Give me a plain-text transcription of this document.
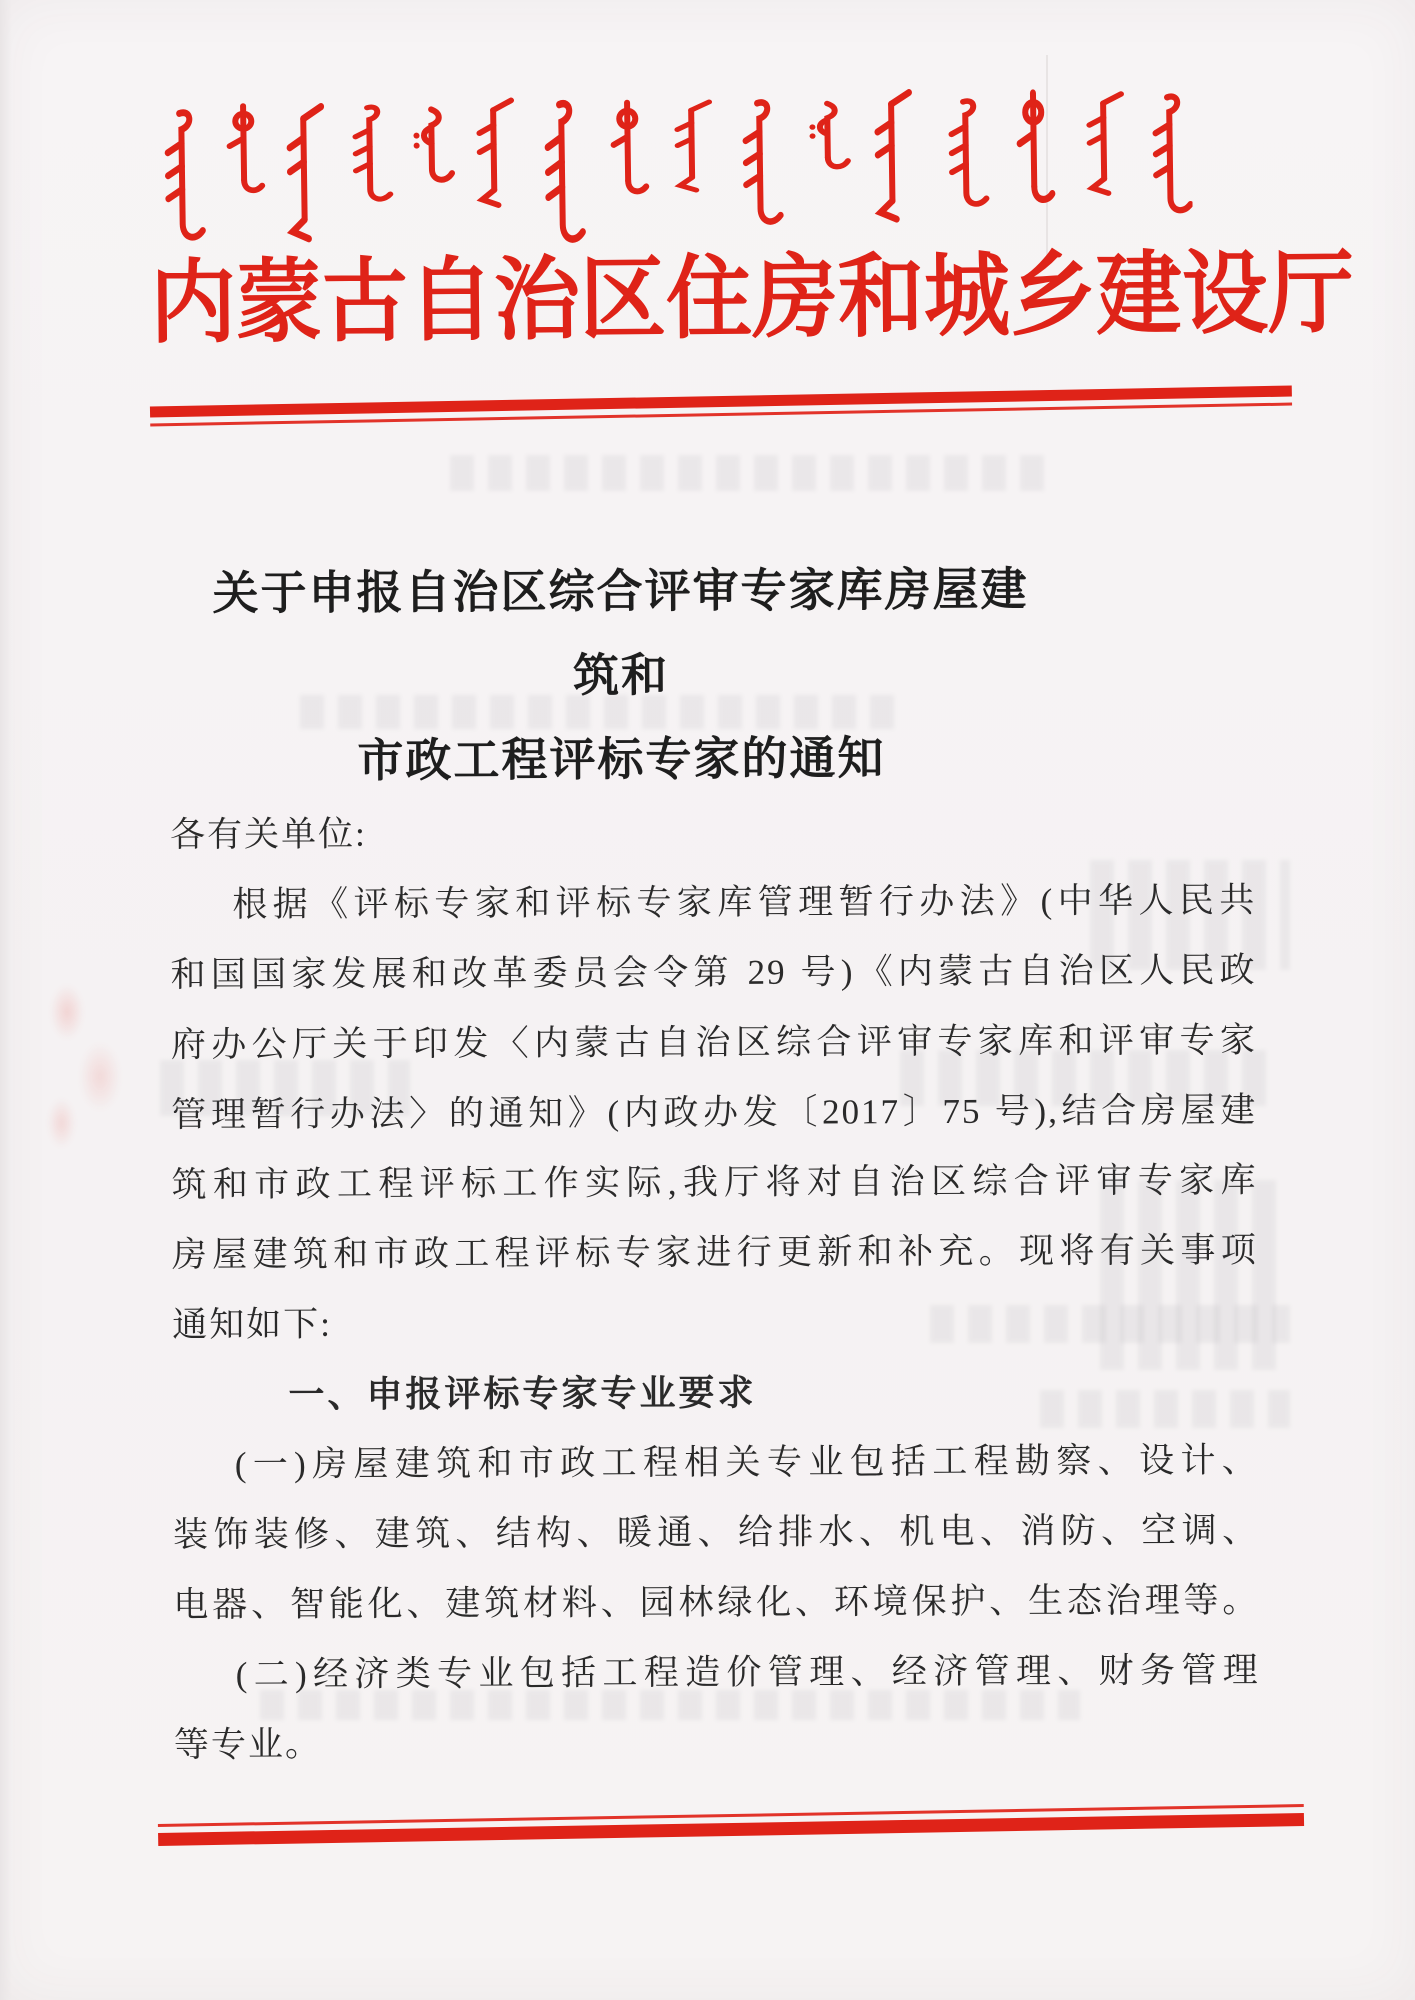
内蒙古自治区住房和城乡建设厅
关于申报自治区综合评审专家库房屋建筑和
市政工程评标专家的通知
各有关单位:
根据《评标专家和评标专家库管理暂行办法》(中华人民共
和国国家发展和改革委员会令第 29 号)《内蒙古自治区人民政
府办公厅关于印发〈内蒙古自治区综合评审专家库和评审专家
管理暂行办法〉的通知》(内政办发〔2017〕75 号),结合房屋建
筑和市政工程评标工作实际,我厅将对自治区综合评审专家库
房屋建筑和市政工程评标专家进行更新和补充。现将有关事项
通知如下:
一、申报评标专家专业要求
(一)房屋建筑和市政工程相关专业包括工程勘察、设计、
装饰装修、建筑、结构、暖通、给排水、机电、消防、空调、
电器、智能化、建筑材料、园林绿化、环境保护、生态治理等。
(二)经济类专业包括工程造价管理、经济管理、财务管理
等专业。
